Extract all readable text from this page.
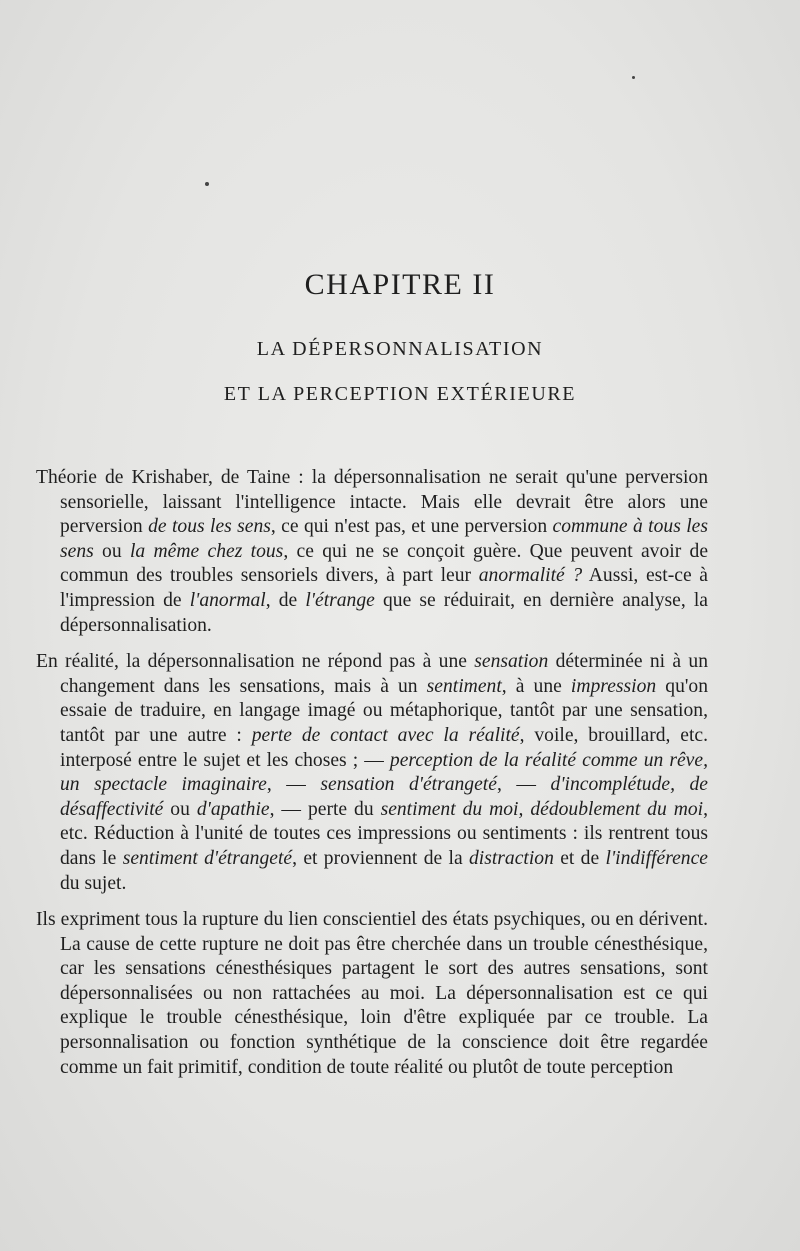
CHAPITRE II
LA DÉPERSONNALISATION
ET LA PERCEPTION EXTÉRIEURE

Théorie de Krishaber, de Taine : la dépersonnalisation ne serait qu'une perversion sensorielle, laissant l'intelligence intacte. Mais elle devrait être alors une perversion de tous les sens, ce qui n'est pas, et une perversion commune à tous les sens ou la même chez tous, ce qui ne se conçoit guère. Que peuvent avoir de commun des troubles sensoriels divers, à part leur anormalité ? Aussi, est-ce à l'impression de l'anormal, de l'étrange que se réduirait, en dernière analyse, la dépersonnalisation.

En réalité, la dépersonnalisation ne répond pas à une sensation déterminée ni à un changement dans les sensations, mais à un sentiment, à une impression qu'on essaie de traduire, en langage imagé ou métaphorique, tantôt par une sensation, tantôt par une autre : perte de contact avec la réalité, voile, brouillard, etc. interposé entre le sujet et les choses ; — perception de la réalité comme un rêve, un spectacle imaginaire, — sensation d'étrangeté, — d'incomplétude, de désaffectivité ou d'apathie, — perte du sentiment du moi, dédoublement du moi, etc. Réduction à l'unité de toutes ces impressions ou sentiments : ils rentrent tous dans le sentiment d'étrangeté, et proviennent de la distraction et de l'indifférence du sujet.

Ils expriment tous la rupture du lien conscientiel des états psychiques, ou en dérivent. La cause de cette rupture ne doit pas être cherchée dans un trouble cénesthésique, car les sensations cénesthésiques partagent le sort des autres sensations, sont dépersonnalisées ou non rattachées au moi. La dépersonnalisation est ce qui explique le trouble cénesthésique, loin d'être expliquée par ce trouble. La personnalisation ou fonction synthétique de la conscience doit être regardée comme un fait primitif, condition de toute réalité ou plutôt de toute perception
